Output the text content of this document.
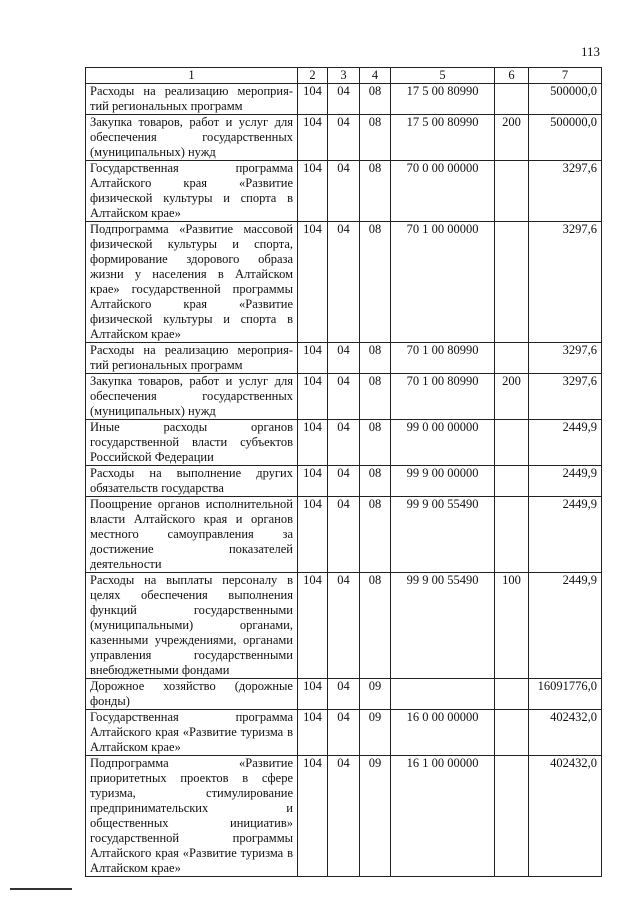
113
1	2	3	4	5	6	7
Расходы на реализацию мероприя-тий региональных программ	104	04	08	17 5 00 80990		500000,0
Закупка товаров, работ и услуг для обеспечения государственных (муниципальных) нужд	104	04	08	17 5 00 80990	200	500000,0
Государственная программа Алтайского края «Развитие физической культуры и спорта в Алтайском крае»	104	04	08	70 0 00 00000		3297,6
Подпрограмма «Развитие массовой физической культуры и спорта, формирование здорового образа жизни у населения в Алтайском крае» государственной программы Алтайского края «Развитие физической культуры и спорта в Алтайском крае»	104	04	08	70 1 00 00000		3297,6
Расходы на реализацию мероприя-тий региональных программ	104	04	08	70 1 00 80990		3297,6
Закупка товаров, работ и услуг для обеспечения государственных (муниципальных) нужд	104	04	08	70 1 00 80990	200	3297,6
Иные расходы органов государственной власти субъектов Российской Федерации	104	04	08	99 0 00 00000		2449,9
Расходы на выполнение других обязательств государства	104	04	08	99 9 00 00000		2449,9
Поощрение органов исполнительной власти Алтайского края и органов местного самоуправления за достижение показателей деятельности	104	04	08	99 9 00 55490		2449,9
Расходы на выплаты персоналу в целях обеспечения выполнения функций государственными (муниципальными) органами, казенными учреждениями, органами управления государственными внебюджетными фондами	104	04	08	99 9 00 55490	100	2449,9
Дорожное хозяйство (дорожные фонды)	104	04	09			16091776,0
Государственная программа Алтайского края «Развитие туризма в Алтайском крае»	104	04	09	16 0 00 00000		402432,0
Подпрограмма «Развитие приоритетных проектов в сфере туризма, стимулирование предпринимательских и общественных инициатив» государственной программы Алтайского края «Развитие туризма в Алтайском крае»	104	04	09	16 1 00 00000		402432,0
